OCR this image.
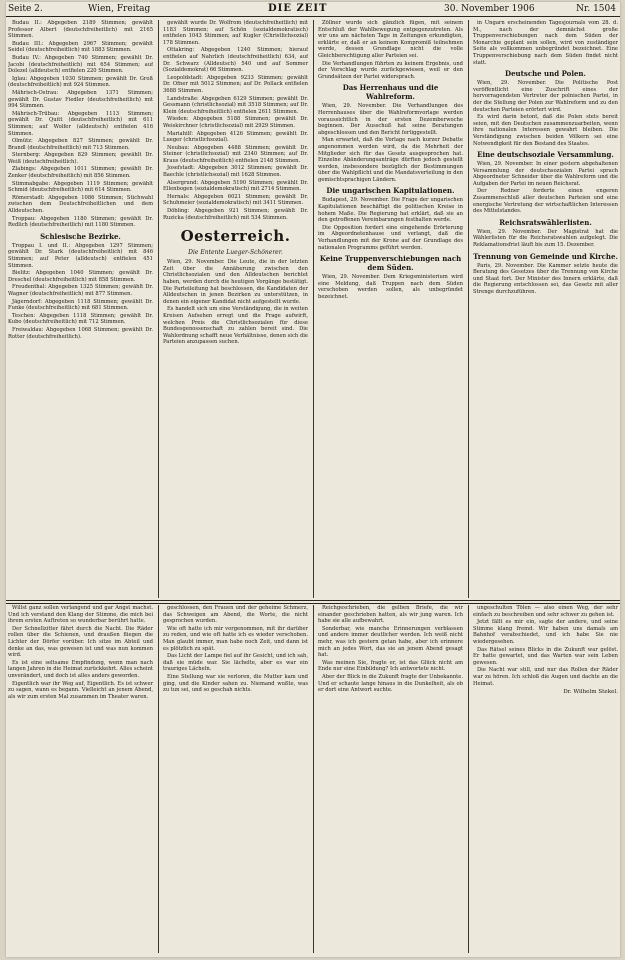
Seite 2.	Wien, Freitag	DIE ZEIT	30. November 1906	Nr. 1504

Budau II.: Abgegeben 2189 Stimmen; gewählt Professor Albert (deutschfreiheitlich) mit 2165 Stimmen.

Budau III.: Abgegeben 2967 Stimmen; gewählt Seidel (deutschfreiheitlich) mit 1883 Stimmen.

Budau IV.: Abgegeben 740 Stimmen; gewählt Dr. Jacobi (deutschfreiheitlich) mit 654 Stimmen; auf Dolezel (alldeutsch) entfielen 220 Stimmen.

Iglau: Abgegeben 1030 Stimmen; gewählt Dr. Groß (deutschfreiheitlich) mit 924 Stimmen.

Mährisch-Ostrau: Abgegeben 1371 Stimmen; gewählt Dr. Gustav Fiedler (deutschfreiheitlich) mit 994 Stimmen.

Mährisch-Trübau: Abgegeben 1113 Stimmen; gewählt Dr. Quitt (deutschfreiheitlich) mit 611 Stimmen; auf Wolfer (alldeutsch) entfielen 416 Stimmen.

Olmütz: Abgegeben 827 Stimmen; gewählt Dr. Brandl (deutschfreiheitlich) mit 713 Stimmen.

Sternberg: Abgegeben 829 Stimmen; gewählt Dr. Weiß (deutschfreiheitlich).

Zlabings: Abgegeben 1011 Stimmen; gewählt Dr. Zenker (deutschfreiheitlich) mit 856 Stimmen.

Stimmabgabe: Abgegeben 1119 Stimmen; gewählt Schmid (deutschfreiheitlich) mit 614 Stimmen.

Römerstadt: Abgegeben 1086 Stimmen; Stichwahl zwischen dem Deutschfreiheitlichen und dem Alldeutschen.

Troppau: Abgegeben 1180 Stimmen; gewählt Dr. Redlich (deutschfreiheitlich) mit 1180 Stimmen.

Schlesische Bezirke.

Troppau I. und II.: Abgegeben 1297 Stimmen; gewählt Dr. Stark (deutschfreiheitlich) mit 846 Stimmen; auf Peter (alldeutsch) entfielen 451 Stimmen.

Bielitz: Abgegeben 1040 Stimmen; gewählt Dr. Dreschel (deutschfreiheitlich) mit 858 Stimmen.

Freudenthal: Abgegeben 1325 Stimmen; gewählt Dr. Wagner (deutschfreiheitlich) mit 877 Stimmen.

Jägerndorf: Abgegeben 1118 Stimmen; gewählt Dr. Funke (deutschfreiheitlich) mit 681 Stimmen.

Teschen: Abgegeben 1118 Stimmen; gewählt Dr. Kubo (deutschfreiheitlich) mit 712 Stimmen.

Freiwaldau: Abgegeben 1068 Stimmen; gewählt Dr. Rotter (deutschfreiheitlich).

gewählt wurde Dr. Wolfrom (deutschfreiheitlich) mit 1183 Stimmen; auf Schön (sozialdemokratisch) entfielen 1043 Stimmen; auf Kugler (Christlichsozial) 178 Stimmen.

Ottakring: Abgegeben 1240 Stimmen; hierauf entfielen auf Nahrlich (deutschfreiheitlich) 634, auf Dr. Schwarz (Alldeutsch) 540 und auf Sommer (Sozialdemokrat) 66 Stimmen.

Leopoldstadt: Abgegeben 9233 Stimmen; gewählt Dr. Ofner mit 5012 Stimmen; auf Dr. Pollack entfielen 3688 Stimmen.

Landstraße: Abgegeben 6129 Stimmen; gewählt Dr. Gessmann (christlichsozial) mit 3518 Stimmen; auf Dr. Klein (deutschfreiheitlich) entfielen 2611 Stimmen.

Wieden: Abgegeben 5188 Stimmen; gewählt Dr. Weiskirchner (christlichsozial) mit 2929 Stimmen.

Mariahilf: Abgegeben 4126 Stimmen; gewählt Dr. Lueger (christlichsozial).

Neubau: Abgegeben 4488 Stimmen; gewählt Dr. Steiner (christlichsozial) mit 2340 Stimmen; auf Dr. Kraus (deutschfreiheitlich) entfielen 2148 Stimmen.

Josefstadt: Abgegeben 3012 Stimmen; gewählt Dr. Baechle (christlichsozial) mit 1628 Stimmen.

Alsergrund: Abgegeben 5190 Stimmen; gewählt Dr. Ellenbogen (sozialdemokratisch) mit 2714 Stimmen.

Hernals: Abgegeben 6021 Stimmen; gewählt Dr. Schuhmeier (sozialdemokratisch) mit 3411 Stimmen.

Döbling: Abgegeben 921 Stimmen; gewählt Dr. Ruzicka (deutschfreiheitlich) mit 534 Stimmen.

Oesterreich.
Die Entente Lueger-Schönerer.

Wien, 29. November. Die Leute, die in der letzten Zeit über die Annäherung zwischen den Christlichsozialen und den Alldeutschen berichtet haben, werden durch die heutigen Vorgänge bestätigt. Die Parteileitung hat beschlossen, die Kandidaten der Alldeutschen in jenen Bezirken zu unterstützen, in denen ein eigener Kandidat nicht aufgestellt wurde.

Es handelt sich um eine Verständigung, die in weiten Kreisen Aufsehen erregt und die Frage aufwirft, welchen Preis die Christlichsozialen für diese Bundesgenossenschaft zu zahlen bereit sind. Die Wahlordnung schafft neue Verhältnisse, denen sich die Parteien anzupassen suchen.

Zöllner wurde sich gänzlich fügen, mit seinem Entschluß der Wahlbewegung entgegenzutreten. Als wir uns am nächsten Tage in Zeitungen erkundigten, erklärte er, daß er an keinem Kompromiß teilnehmen werde, dessen Grundlage nicht die volle Gleichberechtigung aller Parteien sei.

Die Verhandlungen führten zu keinem Ergebnis, und der Vorschlag wurde zurückgewiesen, weil er den Grundsätzen der Partei widersprach.

Das Herrenhaus und die Wahlreform.

Wien, 29. November. Die Verhandlungen des Herrenhauses über die Wahlreformvorlage werden voraussichtlich in der ersten Dezemberwoche beginnen. Der Ausschuß hat seine Beratungen abgeschlossen und den Bericht fertiggestellt.

Man erwartet, daß die Vorlage nach kurzer Debatte angenommen werden wird, da die Mehrheit der Mitglieder sich für das Gesetz ausgesprochen hat. Einzelne Abänderungsanträge dürften jedoch gestellt werden, insbesondere bezüglich der Bestimmungen über die Wahlpflicht und die Mandatsverteilung in den gemischtsprachigen Ländern.

Die ungarischen Kapitulationen.

Budapest, 29. November. Die Frage der ungarischen Kapitulationen beschäftigt die politischen Kreise in hohem Maße. Die Regierung hat erklärt, daß sie an den getroffenen Vereinbarungen festhalten werde.

Die Opposition fordert eine eingehende Erörterung im Abgeordnetenhause und verlangt, daß die Verhandlungen mit der Krone auf der Grundlage des nationalen Programms geführt werden.

Keine Truppenverschiebungen nach dem Süden.

Wien, 29. November. Dem Kriegsministerium wird eine Meldung, daß Truppen nach dem Süden verschoben werden sollen, als unbegründet bezeichnet.

in Ungarn erscheinenden Tagesjournals vom 28. d. M., nach der demnächst große Truppenverschiebungen nach dem Süden der Monarchie geplant sein sollen, wird von zuständiger Seite als vollkommen unbegründet bezeichnet. Eine Truppenverschiebung nach dem Süden findet nicht statt.

Deutsche und Polen.

Wien, 29. November. Die Politische Post veröffentlicht eine Zuschrift eines der hervorragendsten Vertreter der polnischen Partei, in der die Stellung der Polen zur Wahlreform und zu den deutschen Parteien erörtert wird.

Es wird darin betont, daß die Polen stets bereit seien, mit den Deutschen zusammenzuarbeiten, wenn ihre nationalen Interessen gewahrt bleiben. Die Verständigung zwischen beiden Völkern sei eine Notwendigkeit für den Bestand des Staates.

Eine deutschsoziale Versammlung.

Wien, 29. November. In einer gestern abgehaltenen Versammlung der deutschsozialen Partei sprach Abgeordneter Schneider über die Wahlreform und die Aufgaben der Partei im neuen Reichsrat.

Der Redner forderte einen engeren Zusammenschluß aller deutschen Parteien und eine energische Vertretung der wirtschaftlichen Interessen des Mittelstandes.

Reichsratswählerlisten.

Wien, 29. November. Der Magistrat hat die Wählerlisten für die Reichsratswahlen aufgelegt. Die Reklamationsfrist läuft bis zum 15. Dezember.

Trennung von Gemeinde und Kirche.

Paris, 29. November. Die Kammer setzte heute die Beratung des Gesetzes über die Trennung von Kirche und Staat fort. Der Minister des Innern erklärte, daß die Regierung entschlossen sei, das Gesetz mit aller Strenge durchzuführen.

Willst ganz sollen verlangend und gar Angst machst. Und ich verstand den Klang der Stimme, die mich bei ihrem ersten Auftreten so wunderbar berührt hatte.

Der Schnellzitter fährt durch die Nacht. Die Räder rollen über die Schienen, und draußen fliegen die Lichter der Dörfer vorüber. Ich sitze im Abteil und denke an das, was gewesen ist und was nun kommen wird.

Es ist eine seltsame Empfindung, wenn man nach langen Jahren in die Heimat zurückkehrt. Alles scheint unverändert, und doch ist alles anders geworden.

Eigentlich war ihr Weg auf, Eigentlich. Es ist schwer zu sagen, wann es begann. Vielleicht an jenem Abend, als wir zum ersten Mal zusammen im Theater waren.

geschlossen, den Frauen und der geheime Schmerz, das Schweigen am Abend, die Worte, die nicht gesprochen wurden.

Wie oft hatte ich mir vorgenommen, mit ihr darüber zu reden, und wie oft hatte ich es wieder verschoben. Man glaubt immer, man habe noch Zeit, und dann ist es plötzlich zu spät.

Das Licht der Lampe fiel auf ihr Gesicht, und ich sah, daß sie müde war. Sie lächelte, aber es war ein trauriges Lächeln.

Eine Stellung war sie verloren, die Mutter kam und ging, und die Kinder sahen zu. Niemand wußte, was zu tun sei, und so geschah nichts.

Reichgeschrieben, die gelben Briefe, die wir einander geschrieben hatten, als wir jung waren. Ich habe sie alle aufbewahrt.

Sonderbar, wie manche Erinnerungen verblassen und andere immer deutlicher werden. Ich weiß nicht mehr, was ich gestern getan habe, aber ich erinnere mich an jedes Wort, das sie an jenem Abend gesagt hat.

Was meinen Sie, fragte er, ist das Glück nicht am Ende nur eine Einbildung? Ich antwortete nicht.

Aber der Blick in die Zukunft fragte der Unbekannte. Und er schaute lange hinaus in die Dunkelheit, als ob er dort eine Antwort suchte.

ungeschulten Tölen — also einen Weg, der sehr einfach zu beschreiben und sehr schwer zu gehen ist.

Jetzt fällt es mir ein, sagte der andere, und seine Stimme klang fremd. Wir haben uns damals am Bahnhof verabschiedet, und ich habe Sie nie wiedergesehen.

Das Rätsel seines Blicks in die Zukunft war gelöst. Er hatte gewartet, und das Warten war sein Leben gewesen.

Die Nacht war still, und nur das Rollen der Räder war zu hören. Ich schloß die Augen und dachte an die Heimat.

Dr. Wilhelm Stekel.
